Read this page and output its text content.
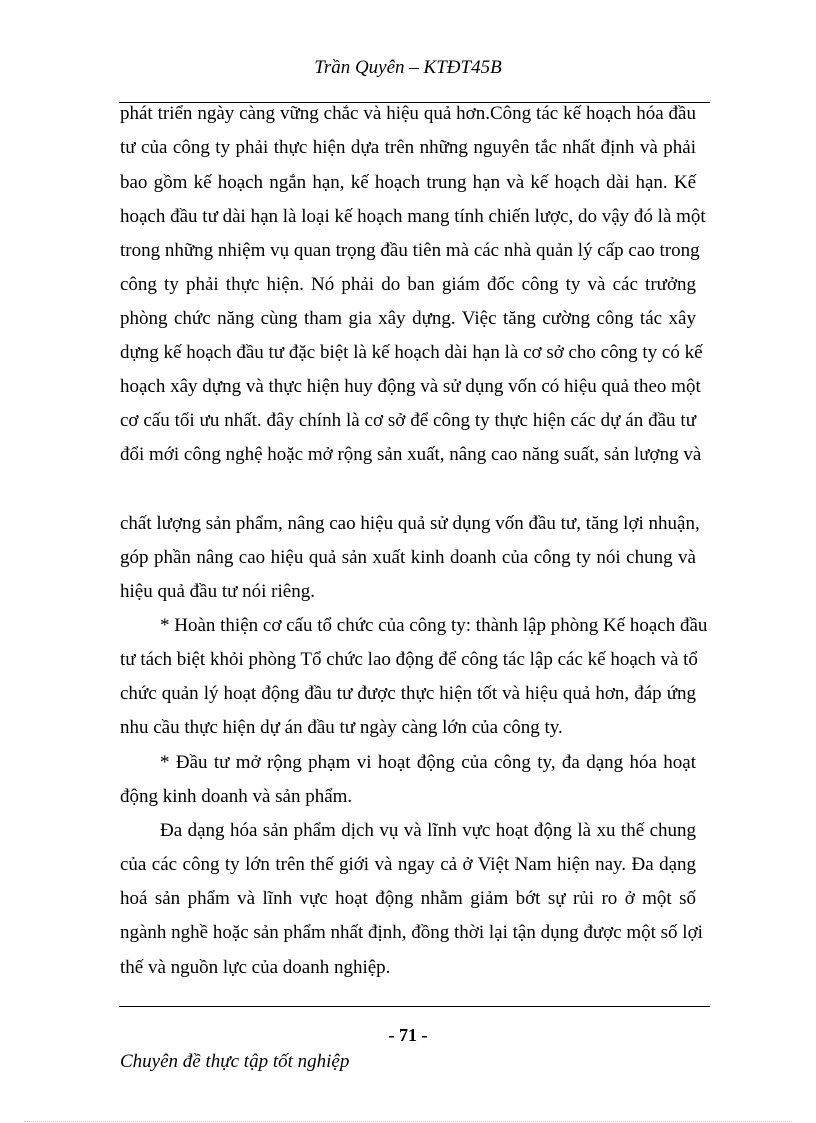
Trần Quyên – KTĐT45B
phát triển ngày càng vững chắc và hiệu quả hơn.Công tác kế hoạch hóa đầu
tư của công ty phải thực hiện dựa trên những nguyên tắc nhất định và phải
bao gồm kế hoạch ngắn hạn, kế hoạch trung hạn và kế hoạch dài hạn. Kế
hoạch đầu tư dài hạn là loại kế hoạch mang tính chiến lược, do vậy đó là một
trong những nhiệm vụ quan trọng đầu tiên mà các nhà quản lý cấp cao trong
công ty phải thực hiện. Nó phải do ban giám đốc công ty và các trưởng
phòng chức năng cùng tham gia xây dựng. Việc tăng cường công tác xây
dựng kế hoạch đầu tư đặc biệt là kế hoạch dài hạn là cơ sở cho công ty có kế
hoạch xây dựng và thực hiện huy động và sử dụng vốn có hiệu quả theo một
cơ cấu tối ưu nhất. đây chính là cơ sở để công ty thực hiện các dự án đầu tư
đổi mới công nghệ hoặc mở rộng sản xuất, nâng cao năng suất, sản lượng và
chất lượng sản phẩm, nâng cao hiệu quả sử dụng vốn đầu tư, tăng lợi nhuận,
góp phần nâng cao hiệu quả sản xuất kinh doanh của công ty nói chung và
hiệu quả đầu tư nói riêng.
* Hoàn thiện cơ cấu tổ chức của công ty: thành lập phòng Kế hoạch đầu
tư tách biệt khỏi phòng Tổ chức lao động để công tác lập các kế hoạch và tổ
chức quản lý hoạt động đầu tư được thực hiện tốt và hiệu quả hơn, đáp ứng
nhu cầu thực hiện dự án đầu tư ngày càng lớn của công ty.
* Đầu tư mở rộng phạm vi hoạt động của công ty, đa dạng hóa hoạt
động kinh doanh và sản phẩm.
Đa dạng hóa sản phẩm dịch vụ và lĩnh vực hoạt động là xu thế chung
của các công ty lớn trên thế giới và ngay cả ở Việt Nam hiện nay. Đa dạng
hoá sản phẩm và lĩnh vực hoạt động nhằm giảm bớt sự rủi ro ở một số
ngành nghề hoặc sản phẩm nhất định, đồng thời lại tận dụng được một số lợi
thế và nguồn lực của doanh nghiệp.
- 71 -
Chuyên đề thực tập tốt nghiệp
